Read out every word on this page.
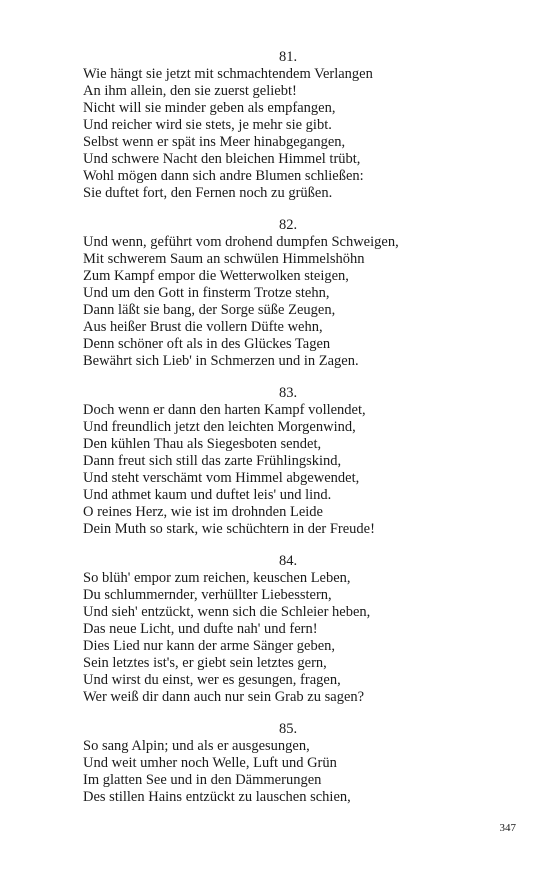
81.
Wie hängt sie jetzt mit schmachtendem Verlangen
An ihm allein, den sie zuerst geliebt!
Nicht will sie minder geben als empfangen,
Und reicher wird sie stets, je mehr sie gibt.
Selbst wenn er spät ins Meer hinabgegangen,
Und schwere Nacht den bleichen Himmel trübt,
Wohl mögen dann sich andre Blumen schließen:
Sie duftet fort, den Fernen noch zu grüßen.
82.
Und wenn, geführt vom drohend dumpfen Schweigen,
Mit schwerem Saum an schwülen Himmelshöhn
Zum Kampf empor die Wetterwolken steigen,
Und um den Gott in finsterm Trotze stehn,
Dann läßt sie bang, der Sorge süße Zeugen,
Aus heißer Brust die vollern Düfte wehn,
Denn schöner oft als in des Glückes Tagen
Bewährt sich Lieb' in Schmerzen und in Zagen.
83.
Doch wenn er dann den harten Kampf vollendet,
Und freundlich jetzt den leichten Morgenwind,
Den kühlen Thau als Siegesboten sendet,
Dann freut sich still das zarte Frühlingskind,
Und steht verschämt vom Himmel abgewendet,
Und athmet kaum und duftet leis' und lind.
O reines Herz, wie ist im drohnden Leide
Dein Muth so stark, wie schüchtern in der Freude!
84.
So blüh' empor zum reichen, keuschen Leben,
Du schlummernder, verhüllter Liebesstern,
Und sieh' entzückt, wenn sich die Schleier heben,
Das neue Licht, und dufte nah' und fern!
Dies Lied nur kann der arme Sänger geben,
Sein letztes ist's, er giebt sein letztes gern,
Und wirst du einst, wer es gesungen, fragen,
Wer weiß dir dann auch nur sein Grab zu sagen?
85.
So sang Alpin; und als er ausgesungen,
Und weit umher noch Welle, Luft und Grün
Im glatten See und in den Dämmerungen
Des stillen Hains entzückt zu lauschen schien,
347
